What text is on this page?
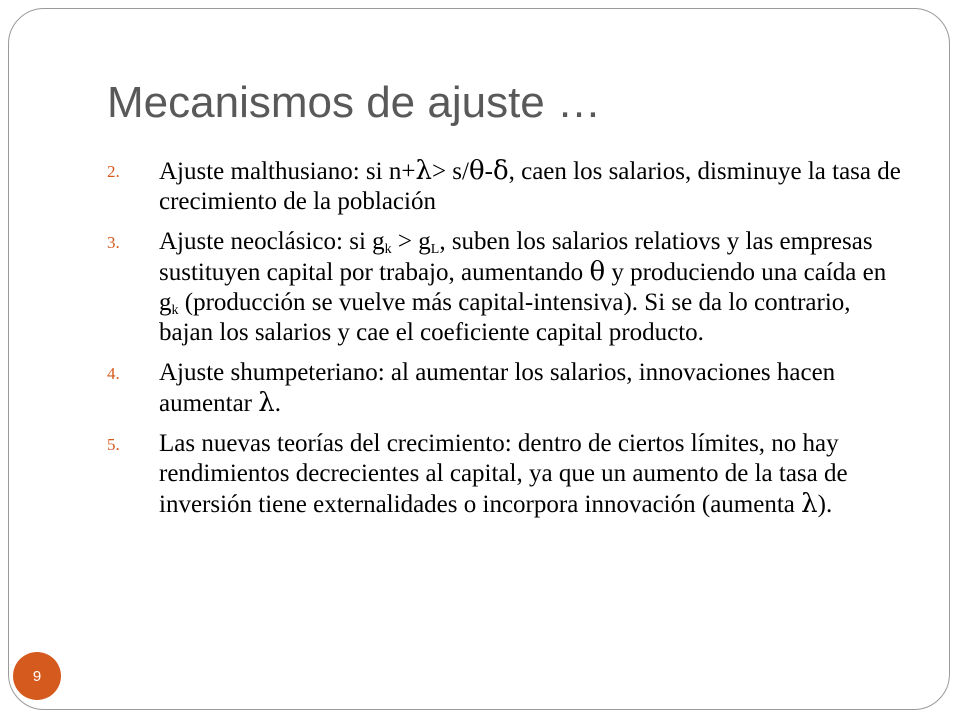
Mecanismos de ajuste …
2. Ajuste malthusiano: si n+λ> s/θ-δ, caen los salarios, disminuye la tasa de crecimiento de la población
3. Ajuste neoclásico: si $g_k > g_L$, suben los salarios relatiovs y las empresas sustituyen capital por trabajo, aumentando θ y produciendo una caída en $g_k$ (producción se vuelve más capital-intensiva). Si se da lo contrario, bajan los salarios y cae el coeficiente capital producto.
4. Ajuste shumpeteriano: al aumentar los salarios, innovaciones hacen aumentar λ.
5. Las nuevas teorías del crecimiento: dentro de ciertos límites, no hay rendimientos decrecientes al capital, ya que un aumento de la tasa de inversión tiene externalidades o incorpora innovación (aumenta λ).
9
